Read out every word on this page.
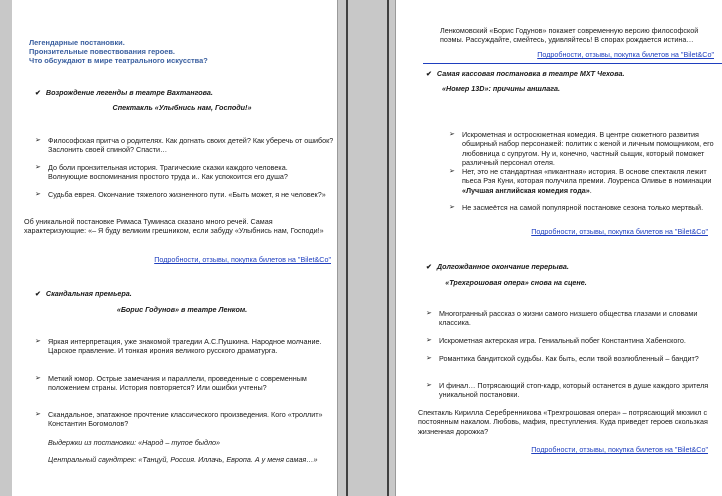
Легендарные постановки.
Пронзительные повествования героев.
Что обсуждают в мире театрального искусства?
✔ Возрождение легенды в театре Вахтангова.
Спектакль «Улыбнись нам, Господи!»
➢ Философская притча о родителях. Как догнать своих детей? Как уберечь от ошибок? Заслонить своей спиной? Спасти…
➢ До боли пронзительная история. Трагические сказки каждого человека. Волнующие воспоминания простого труда и.. Как успокоится его душа?
➢ Судьба еврея. Окончание тяжелого жизненного пути. «Быть может, я не человек?»
Об уникальной постановке Римаса Туминаса сказано много речей. Самая характеризующие: «– Я буду великим грешником, если забуду «Улыбнись нам, Господи!»
Подробности, отзывы, покупка билетов на "Bilet&Co"
✔ Скандальная премьера.
«Борис Годунов» в театре Ленком.
➢ Яркая интерпретация, уже знакомой трагедии А.С.Пушкина. Народное молчание. Царское правление. И тонкая ирония великого русского драматурга.
➢ Меткий юмор. Острые замечания и параллели, проведенные с современным положением страны. История повторяется? Или ошибки учтены?
➢ Скандальное, эпатажное прочтение классического произведения. Кого «троллит» Константин Богомолов?
Выдержки из постановки: «Народ – тупое быдло»
Центральный саундтрек: «Танцуй, Россия. Иллачь, Европа. А у меня самая…»
Ленкомовский «Борис Годунов» покажет современную версию философской поэмы. Рассуждайте, смейтесь, удивляйтесь! В спорах рождается истина…
Подробности, отзывы, покупка билетов на "Bilet&Co"
✔ Самая кассовая постановка в театре МХТ Чехова.
«Номер 13D»: причины аншлага.
➢ Искрометная и остросюжетная комедия. В центре сюжетного развития обширный набор персонажей: политик с женой и личным помощником, его любовница с супругом. Ну и, конечно, частный сыщик, который поможет различный персонал отеля.
➢ Нет, это не стандартная «пикантная» история. В основе спектакля лежит пьеса Рэя Куни, которая получила премии. Лоуренса Оливье в номинации «Лучшая английская комедия года».
➢ Не засмеётся на самой популярной постановке сезона только мертвый.
Подробности, отзывы, покупка билетов на "Bilet&Co"
✔ Долгожданное окончание перерыва.
«Трехгрошовая опера» снова на сцене.
➢ Многогранный рассказ о жизни самого низшего общества глазами и словами классика.
➢ Искрометная актерская игра. Гениальный побег Константина Хабенского.
➢ Романтика бандитской судьбы. Как быть, если твой возлюбленный – бандит?
➢ И финал… Потрясающий стоп-кадр, который останется в душе каждого зрителя уникальной постановки.
Спектакль Кирилла Серебренникова «Трехгрошовая опера» – потрясающий мюзикл с постоянным накалом. Любовь, мафия, преступления. Куда приведет героев скользкая жизненная дорожка?
Подробности, отзывы, покупка билетов на "Bilet&Co"
